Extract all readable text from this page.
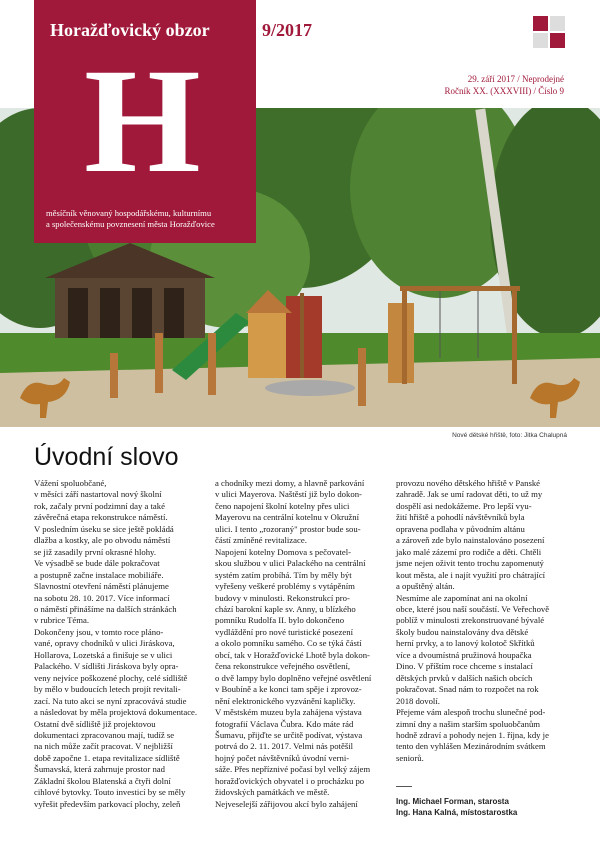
Horažďovický obzor
H
měsíčník věnovaný hospodářskému, kulturnímu
a společenskému povznesení města Horažďovice
9/2017
29. září 2017 / Neprodejné
Ročník XX. (XXXVIII) / Číslo 9
Nové dětské hřiště, foto: Jitka Chalupná
Úvodní slovo

Vážení spoluobčané,

v měsíci září nastartoval nový školní

rok, začaly první podzimní day a také

závěrečná etapa rekonstrukce náměstí.

V posledním úseku se sice ještě pokládá

dlažba a kostky, ale po obvodu náměstí

se již zasadily první okrasné hlohy.

Ve výsadbě se bude dále pokračovat

a postupně začne instalace mobiliáře.

Slavnostní otevření náměstí plánujeme

na sobotu 28. 10. 2017. Více informací

o náměstí přinášíme na dalších stránkách

v rubrice Téma.

Dokončeny jsou, v tomto roce pláno-

vané, opravy chodníků v ulici Jiráskova,

Hollarova, Lozetská a finišuje se v ulici

Palackého. V sídlišti Jiráskova byly opra-

veny nejvíce poškozené plochy, celé sídliště

by mělo v budoucích letech projít revitali-

zací. Na tuto akci se nyní zpracovává studie

a následovat by měla projektová dokumentace.

Ostatní dvě sídliště již projektovou

dokumentaci zpracovanou mají, tudíž se

na nich může začít pracovat. V nejbližší

době započne 1. etapa revitalizace sídliště

Šumavská, která zahrnuje prostor nad

Základní školou Blatenská a čtyři dolní

cihlové bytovky. Touto investicí by se měly

vyřešit především parkovací plochy, zeleň

a chodníky mezi domy, a hlavně parkování

v ulici Mayerova. Naštěstí již bylo dokon-

čeno napojení školní kotelny přes ulici

Mayerovu na centrální kotelnu v Okružní

ulici. I tento „rozoraný" prostor bude sou-

částí zmíněné revitalizace.

Napojení kotelny Domova s pečovatel-

skou službou v ulici Palackého na centrální

systém zatím probíhá. Tím by měly být

vyřešeny veškeré problémy s vytápěním

budovy v minulosti. Rekonstrukcí pro-

chází barokní kaple sv. Anny, u blízkého

pomníku Rudolfa II. bylo dokončeno

vydláždění pro nové turistické posezení

a okolo pomníku samého. Co se týká částí

obcí, tak v Horažďovické Lhotě byla dokon-

čena rekonstrukce veřejného osvětlení,

o dvě lampy bylo doplněno veřejné osvětlení

v Boubíně a ke konci tam spěje i zprovoz-

nění elektronického vyzvánění kapličky.

V městském muzeu byla zahájena výstava

fotografií Václava Čubra. Kdo máte rád

Šumavu, přijďte se určitě podívat, výstava

potrvá do 2. 11. 2017. Velmi nás potěšil

hojný počet návštěvníků úvodní verni-

sáže. Přes nepříznivé počasí byl velký zájem

horažďovických obyvatel i o procházku po

židovských památkách ve městě.

Nejveselejší zářijovou akcí bylo zahájení

provozu nového dětského hřiště v Panské

zahradě. Jak se umí radovat děti, to už my

dospělí asi nedokážeme. Pro lepší vyu-

žití hřiště a pohodlí návštěvníků byla

opravena podlaha v původním altánu

a zároveň zde bylo nainstalováno posezení

jako malé zázemí pro rodiče a děti. Chtěli

jsme nejen oživit tento trochu zapomenutý

kout města, ale i najít využití pro chátrající

a opuštěný altán.

Nesmíme ale zapomínat ani na okolní

obce, které jsou naší součástí. Ve Veřechově

poblíž v minulosti zrekonstruované bývalé

školy budou nainstalovány dva dětské

herní prvky, a to lanový kolotoč Skřítků

více a dvoumístná pružinová houpačka

Dino. V příštím roce chceme s instalací

dětských prvků v dalších našich obcích

pokračovat. Snad nám to rozpočet na rok

2018 dovolí.

Přejeme vám alespoň trochu slunečné pod-

zimní dny a našim starším spoluobčanům

hodně zdraví a pohody nejen 1. října, kdy je

tento den vyhlášen Mezinárodním svátkem

seniorů.

Ing. Michael Forman, starosta
Ing. Hana Kalná, místostarostka
